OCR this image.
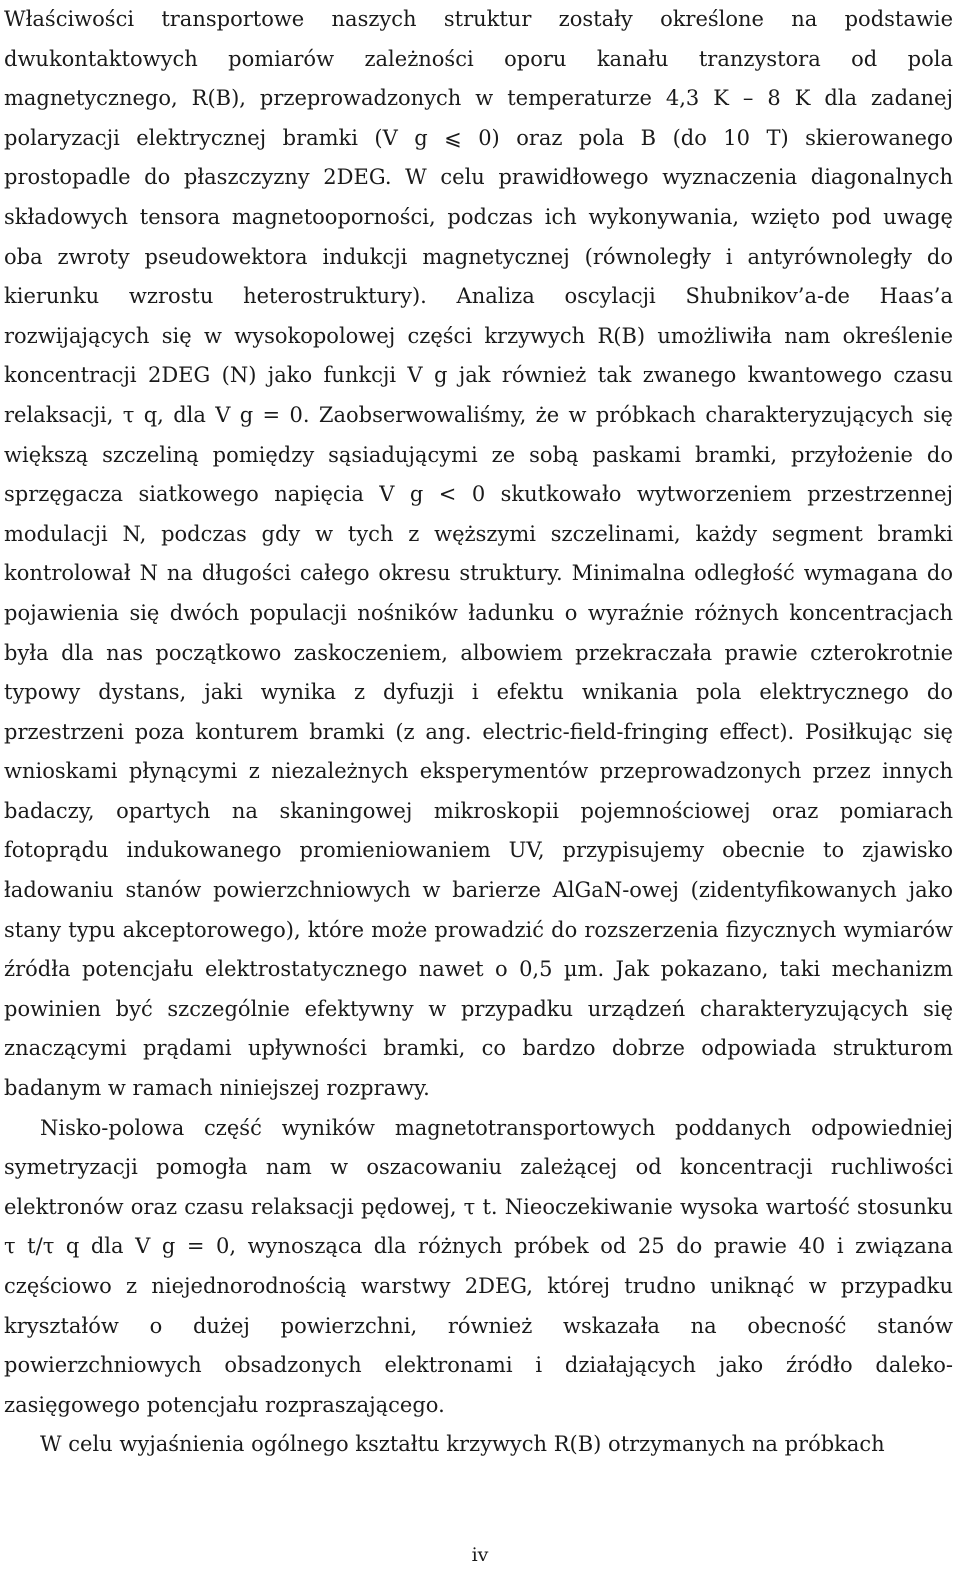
Właściwości transportowe naszych struktur zostały określone na podstawie dwukontaktowych pomiarów zależności oporu kanału tranzystora od pola magnetycznego, R(B), przeprowadzonych w temperaturze 4,3 K – 8 K dla zadanej polaryzacji elektrycznej bramki (V g ⩽ 0) oraz pola B (do 10 T) skierowanego prostopadle do płaszczyzny 2DEG. W celu prawidłowego wyznaczenia diagonalnych składowych tensora magnetooporności, podczas ich wykonywania, wzięto pod uwagę oba zwroty pseudowektora indukcji magnetycznej (równoległy i antyrównoległy do kierunku wzrostu heterostruktury). Analiza oscylacji Shubnikov’a-de Haas’a rozwijających się w wysokopolowej części krzywych R(B) umożliwiła nam określenie koncentracji 2DEG (N) jako funkcji V g jak również tak zwanego kwantowego czasu relaksacji, τ q, dla V g = 0. Zaobserwowaliśmy, że w próbkach charakteryzujących się większą szczeliną pomiędzy sąsiadującymi ze sobą paskami bramki, przyłożenie do sprzęgacza siatkowego napięcia V g < 0 skutkowało wytworzeniem przestrzennej modulacji N, podczas gdy w tych z węższymi szczelinami, każdy segment bramki kontrolował N na długości całego okresu struktury. Minimalna odległość wymagana do pojawienia się dwóch populacji nośników ładunku o wyraźnie różnych koncentracjach była dla nas początkowo zaskoczeniem, albowiem przekraczała prawie czterokrotnie typowy dystans, jaki wynika z dyfuzji i efektu wnikania pola elektrycznego do przestrzeni poza konturem bramki (z ang. electric-field-fringing effect). Posiłkując się wnioskami płynącymi z niezależnych eksperymentów przeprowadzonych przez innych badaczy, opartych na skaningowej mikroskopii pojemnościowej oraz pomiarach fotoprądu indukowanego promieniowaniem UV, przypisujemy obecnie to zjawisko ładowaniu stanów powierzchniowych w barierze AlGaN-owej (zidentyfikowanych jako stany typu akceptorowego), które może prowadzić do rozszerzenia fizycznych wymiarów źródła potencjału elektrostatycznego nawet o 0,5 µm. Jak pokazano, taki mechanizm powinien być szczególnie efektywny w przypadku urządzeń charakteryzujących się znaczącymi prądami upływności bramki, co bardzo dobrze odpowiada strukturom badanym w ramach niniejszej rozprawy.

Nisko-polowa część wyników magnetotransportowych poddanych odpowiedniej symetryzacji pomogła nam w oszacowaniu zależącej od koncentracji ruchliwości elektronów oraz czasu relaksacji pędowej, τ t. Nieoczekiwanie wysoka wartość stosunku τ t/τ q dla V g = 0, wynosząca dla różnych próbek od 25 do prawie 40 i związana częściowo z niejednorodnością warstwy 2DEG, której trudno uniknąć w przypadku kryształów o dużej powierzchni, również wskazała na obecność stanów powierzchniowych obsadzonych elektronami i działających jako źródło daleko-zasięgowego potencjału rozpraszającego.

W celu wyjaśnienia ogólnego kształtu krzywych R(B) otrzymanych na próbkach

iv
